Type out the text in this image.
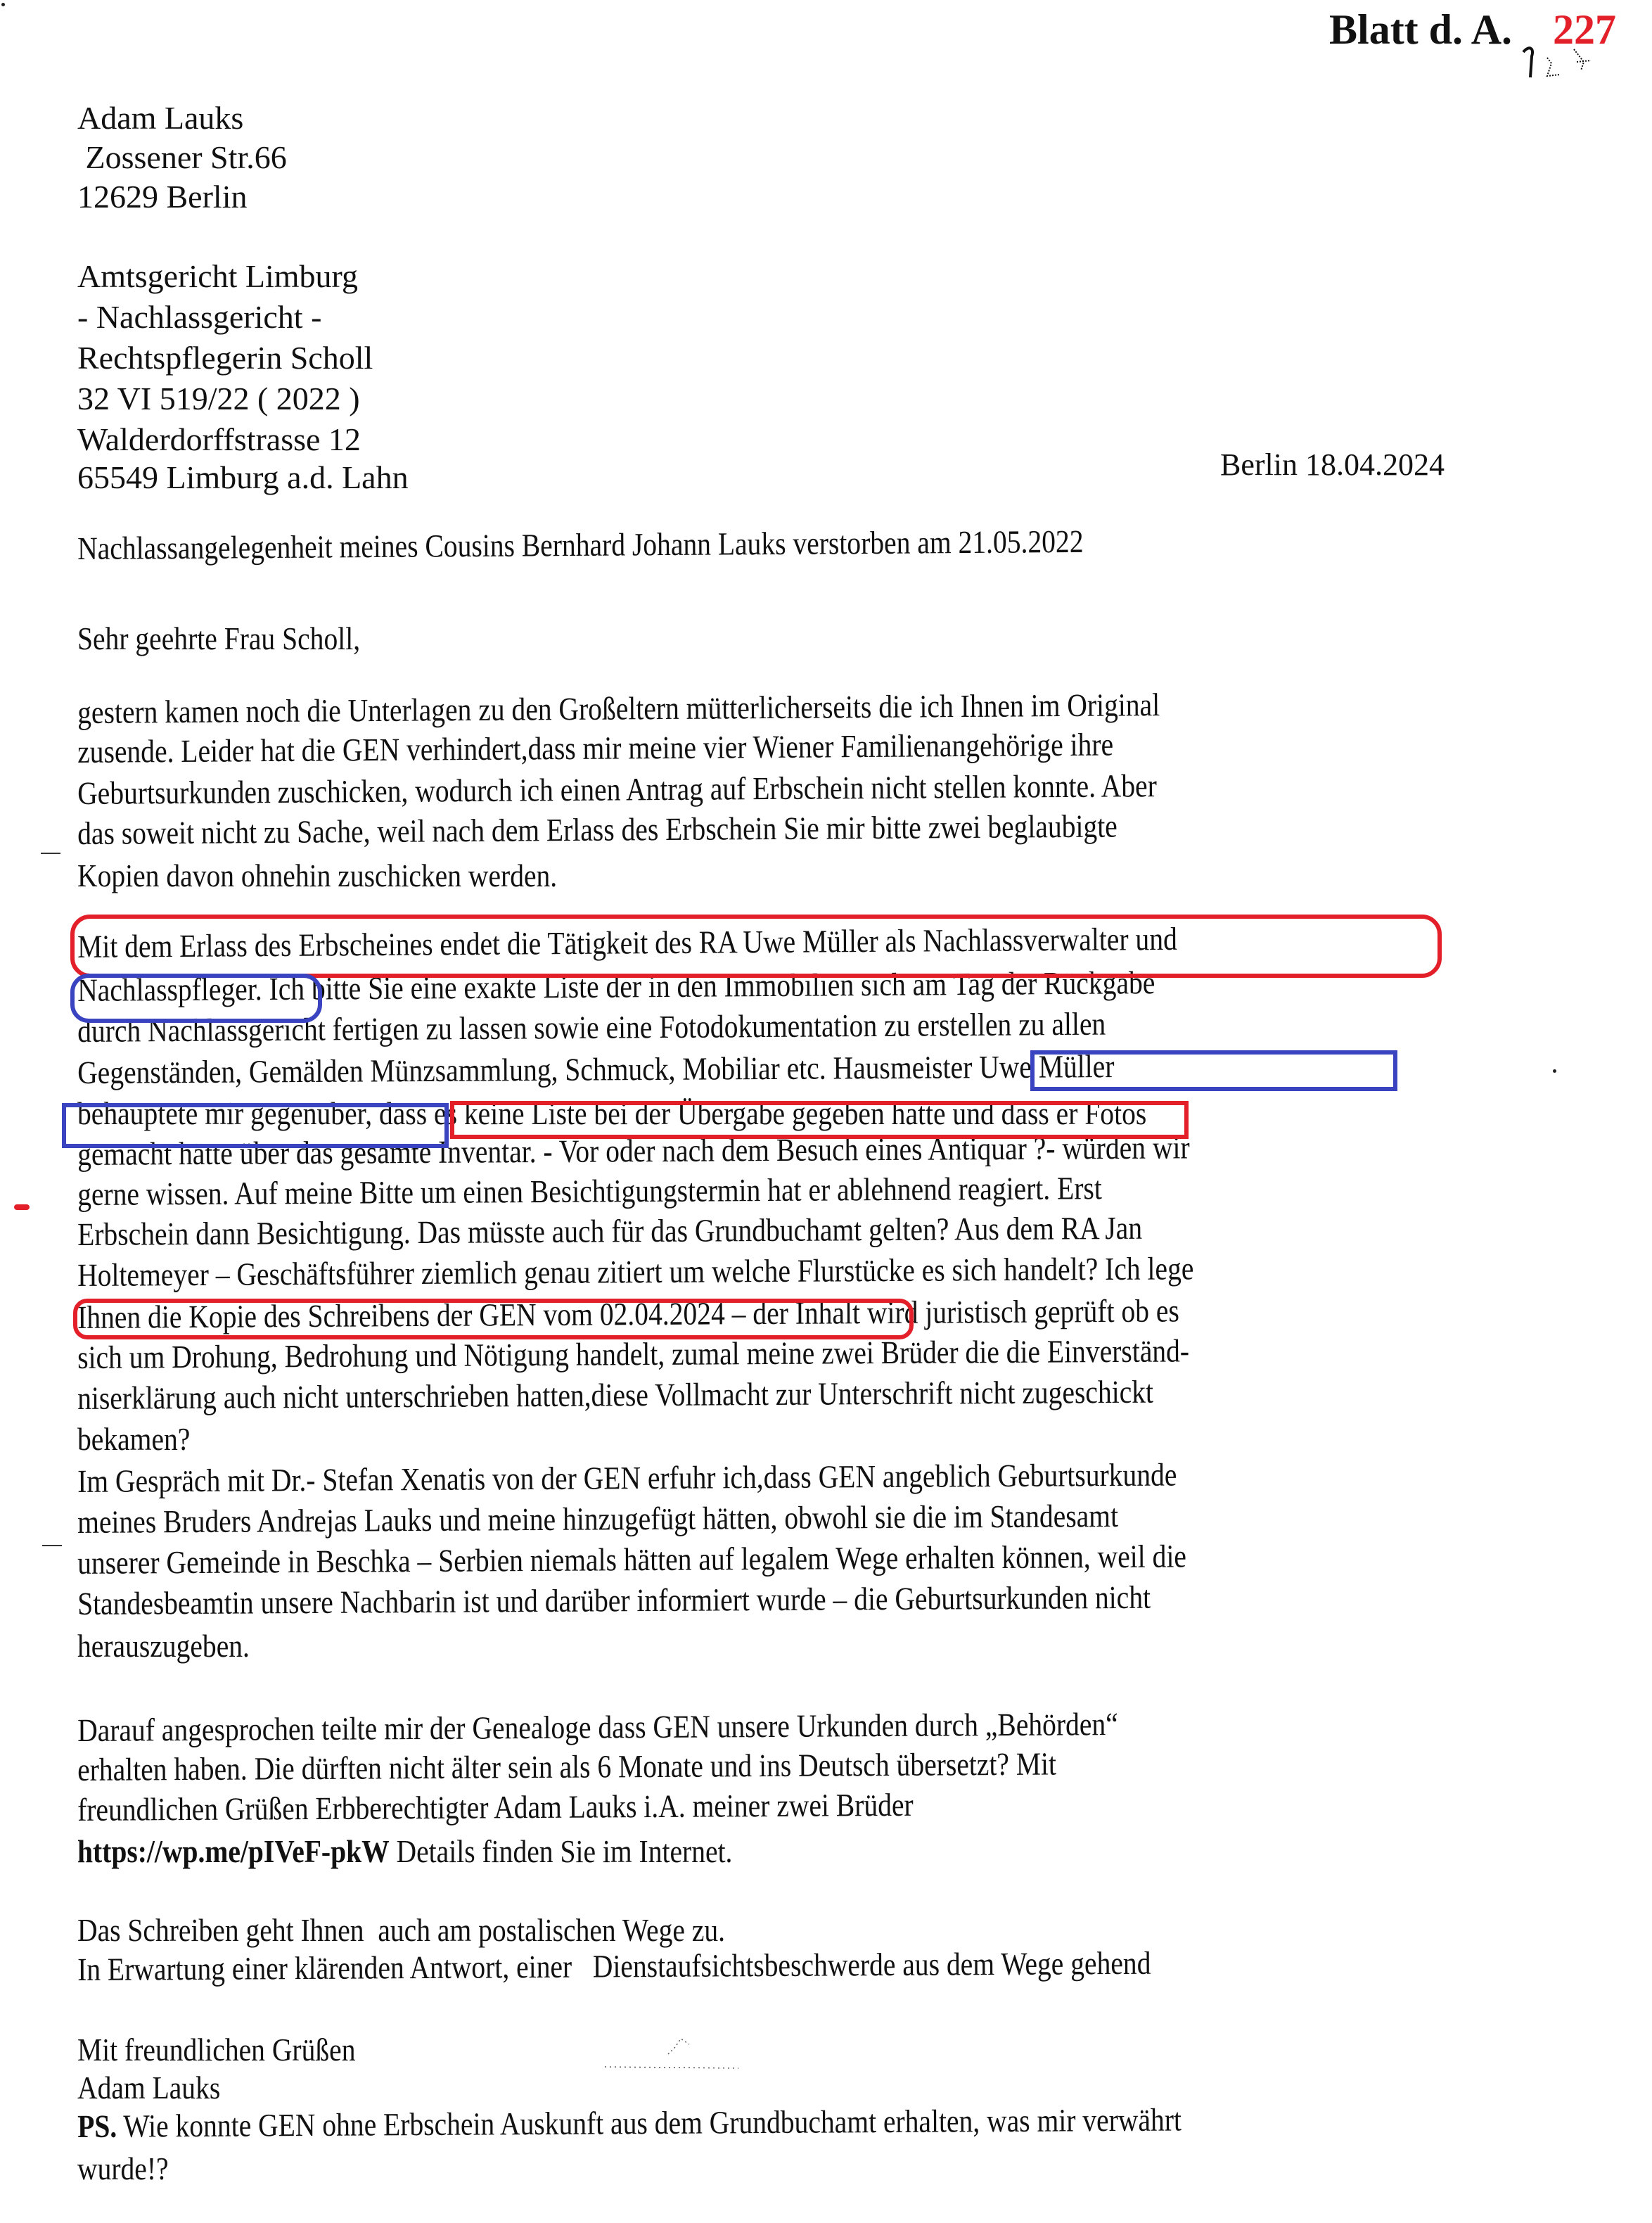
Blatt d. A. 227
Adam Lauks
Zossener Str.66
12629 Berlin
Amtsgericht Limburg
- Nachlassgericht -
Rechtspflegerin Scholl
32 VI 519/22 ( 2022 )
Walderdorffstrasse 12
65549 Limburg a.d. Lahn	Berlin 18.04.2024
Nachlassangelegenheit meines Cousins Bernhard Johann Lauks verstorben am 21.05.2022
Sehr geehrte Frau Scholl,
gestern kamen noch die Unterlagen zu den Großeltern mütterlicherseits die ich Ihnen im Original
zusende. Leider hat die GEN verhindert,dass mir meine vier Wiener Familienangehörige ihre
Geburtsurkunden zuschicken, wodurch ich einen Antrag auf Erbschein nicht stellen konnte. Aber
das soweit nicht zu Sache, weil nach dem Erlass des Erbschein Sie mir bitte zwei beglaubigte
Kopien davon ohnehin zuschicken werden.
Mit dem Erlass des Erbscheines endet die Tätigkeit des RA Uwe Müller als Nachlassverwalter und
Nachlasspfleger. Ich bitte Sie eine exakte Liste der in den Immobilien sich am Tag der Rückgabe
durch Nachlassgericht fertigen zu lassen sowie eine Fotodokumentation zu erstellen zu allen
Gegenständen, Gemälden Münzsammlung, Schmuck, Mobiliar etc. Hausmeister Uwe Müller
behauptete mir gegenüber, dass es keine Liste bei der Übergabe gegeben hatte und dass er Fotos
gemacht hätte über das gesamte Inventar. - Vor oder nach dem Besuch eines Antiquar ?- würden wir
gerne wissen. Auf meine Bitte um einen Besichtigungstermin hat er ablehnend reagiert. Erst
Erbschein dann Besichtigung. Das müsste auch für das Grundbuchamt gelten? Aus dem RA Jan
Holtemeyer – Geschäftsführer ziemlich genau zitiert um welche Flurstücke es sich handelt? Ich lege
Ihnen die Kopie des Schreibens der GEN vom 02.04.2024 – der Inhalt wird juristisch geprüft ob es
sich um Drohung, Bedrohung und Nötigung handelt, zumal meine zwei Brüder die die Einverständ-
niserklärung auch nicht unterschrieben hatten,diese Vollmacht zur Unterschrift nicht zugeschickt
bekamen?
Im Gespräch mit Dr.- Stefan Xenatis von der GEN erfuhr ich,dass GEN angeblich Geburtsurkunde
meines Bruders Andrejas Lauks und meine hinzugefügt hätten, obwohl sie die im Standesamt
unserer Gemeinde in Beschka – Serbien niemals hätten auf legalem Wege erhalten können, weil die
Standesbeamtin unsere Nachbarin ist und darüber informiert wurde – die Geburtsurkunden nicht
herauszugeben.
Darauf angesprochen teilte mir der Genealoge dass GEN unsere Urkunden durch „Behörden“
erhalten haben. Die dürften nicht älter sein als 6 Monate und ins Deutsch übersetzt? Mit
freundlichen Grüßen Erbberechtigter Adam Lauks i.A. meiner zwei Brüder
https://wp.me/pIVeF-pkW Details finden Sie im Internet.
Das Schreiben geht Ihnen  auch am postalischen Wege zu.
In Erwartung einer klärenden Antwort, einer   Dienstaufsichtsbeschwerde aus dem Wege gehend
Mit freundlichen Grüßen
Adam Lauks
PS. Wie konnte GEN ohne Erbschein Auskunft aus dem Grundbuchamt erhalten, was mir verwährt
wurde!?
